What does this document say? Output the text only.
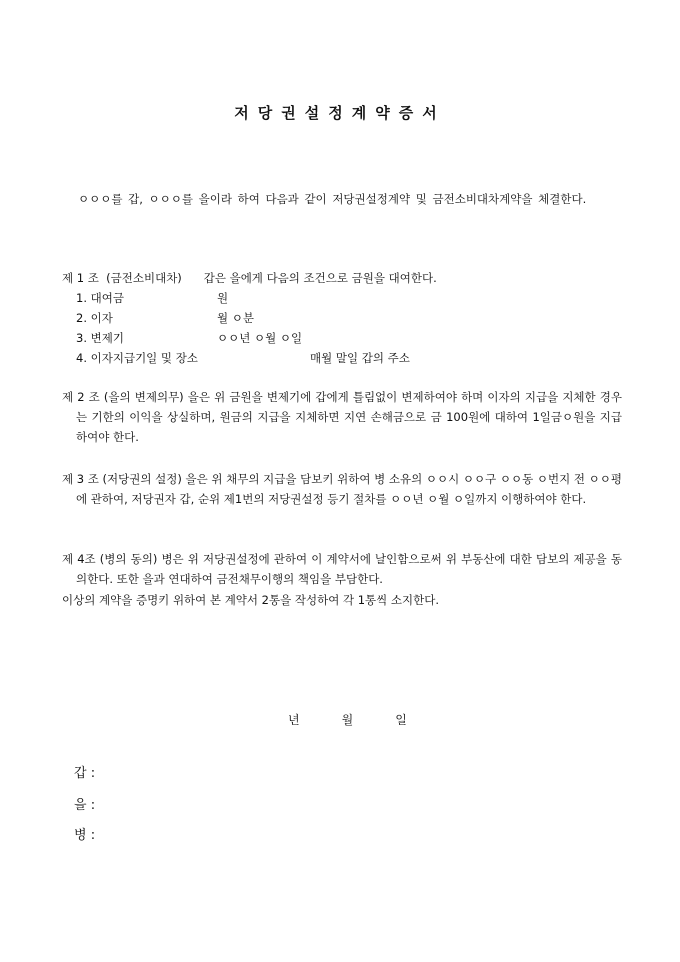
저당권설정계약증서
ㅇㅇㅇ를 갑, ㅇㅇㅇ를 을이라 하여 다음과 같이 저당권설정계약 및 금전소비대차계약을 체결한다.
제 1 조  (금전소비대차)      갑은 을에게 다음의 조건으로 금원을 대여한다.
1. 대여금	원
2. 이자	월 ㅇ분
3. 변제기	ㅇㅇ년 ㅇ월 ㅇ일
4. 이자지급기일 및 장소	매월 말일 갑의 주소
제 2 조 (을의 변제의무) 을은 위 금원을 변제기에 갑에게 틀림없이 변제하여야 하며 이자의 지급을 지체한 경우는 기한의 이익을 상실하며, 원금의 지급을 지체하면 지연 손해금으로 금 100원에 대하여 1일금ㅇ원을 지급하여야 한다.
제 3 조 (저당권의 설정) 을은 위 채무의 지급을 담보키 위하여 병 소유의 ㅇㅇ시 ㅇㅇ구 ㅇㅇ동 ㅇ번지 전 ㅇㅇ평에 관하여, 저당권자 갑, 순위 제1번의 저당권설정 등기 절차를 ㅇㅇ년 ㅇ월 ㅇ일까지 이행하여야 한다.
제 4조 (병의 동의) 병은 위 저당권설정에 관하여 이 계약서에 날인함으로써 위 부동산에 대한 담보의 제공을 동의한다. 또한 을과 연대하여 금전채무이행의 책임을 부담한다.
이상의 계약을 증명키 위하여 본 계약서 2통을 작성하여 각 1통씩 소지한다.
년	월	일
갑 :
을 :
병 :
